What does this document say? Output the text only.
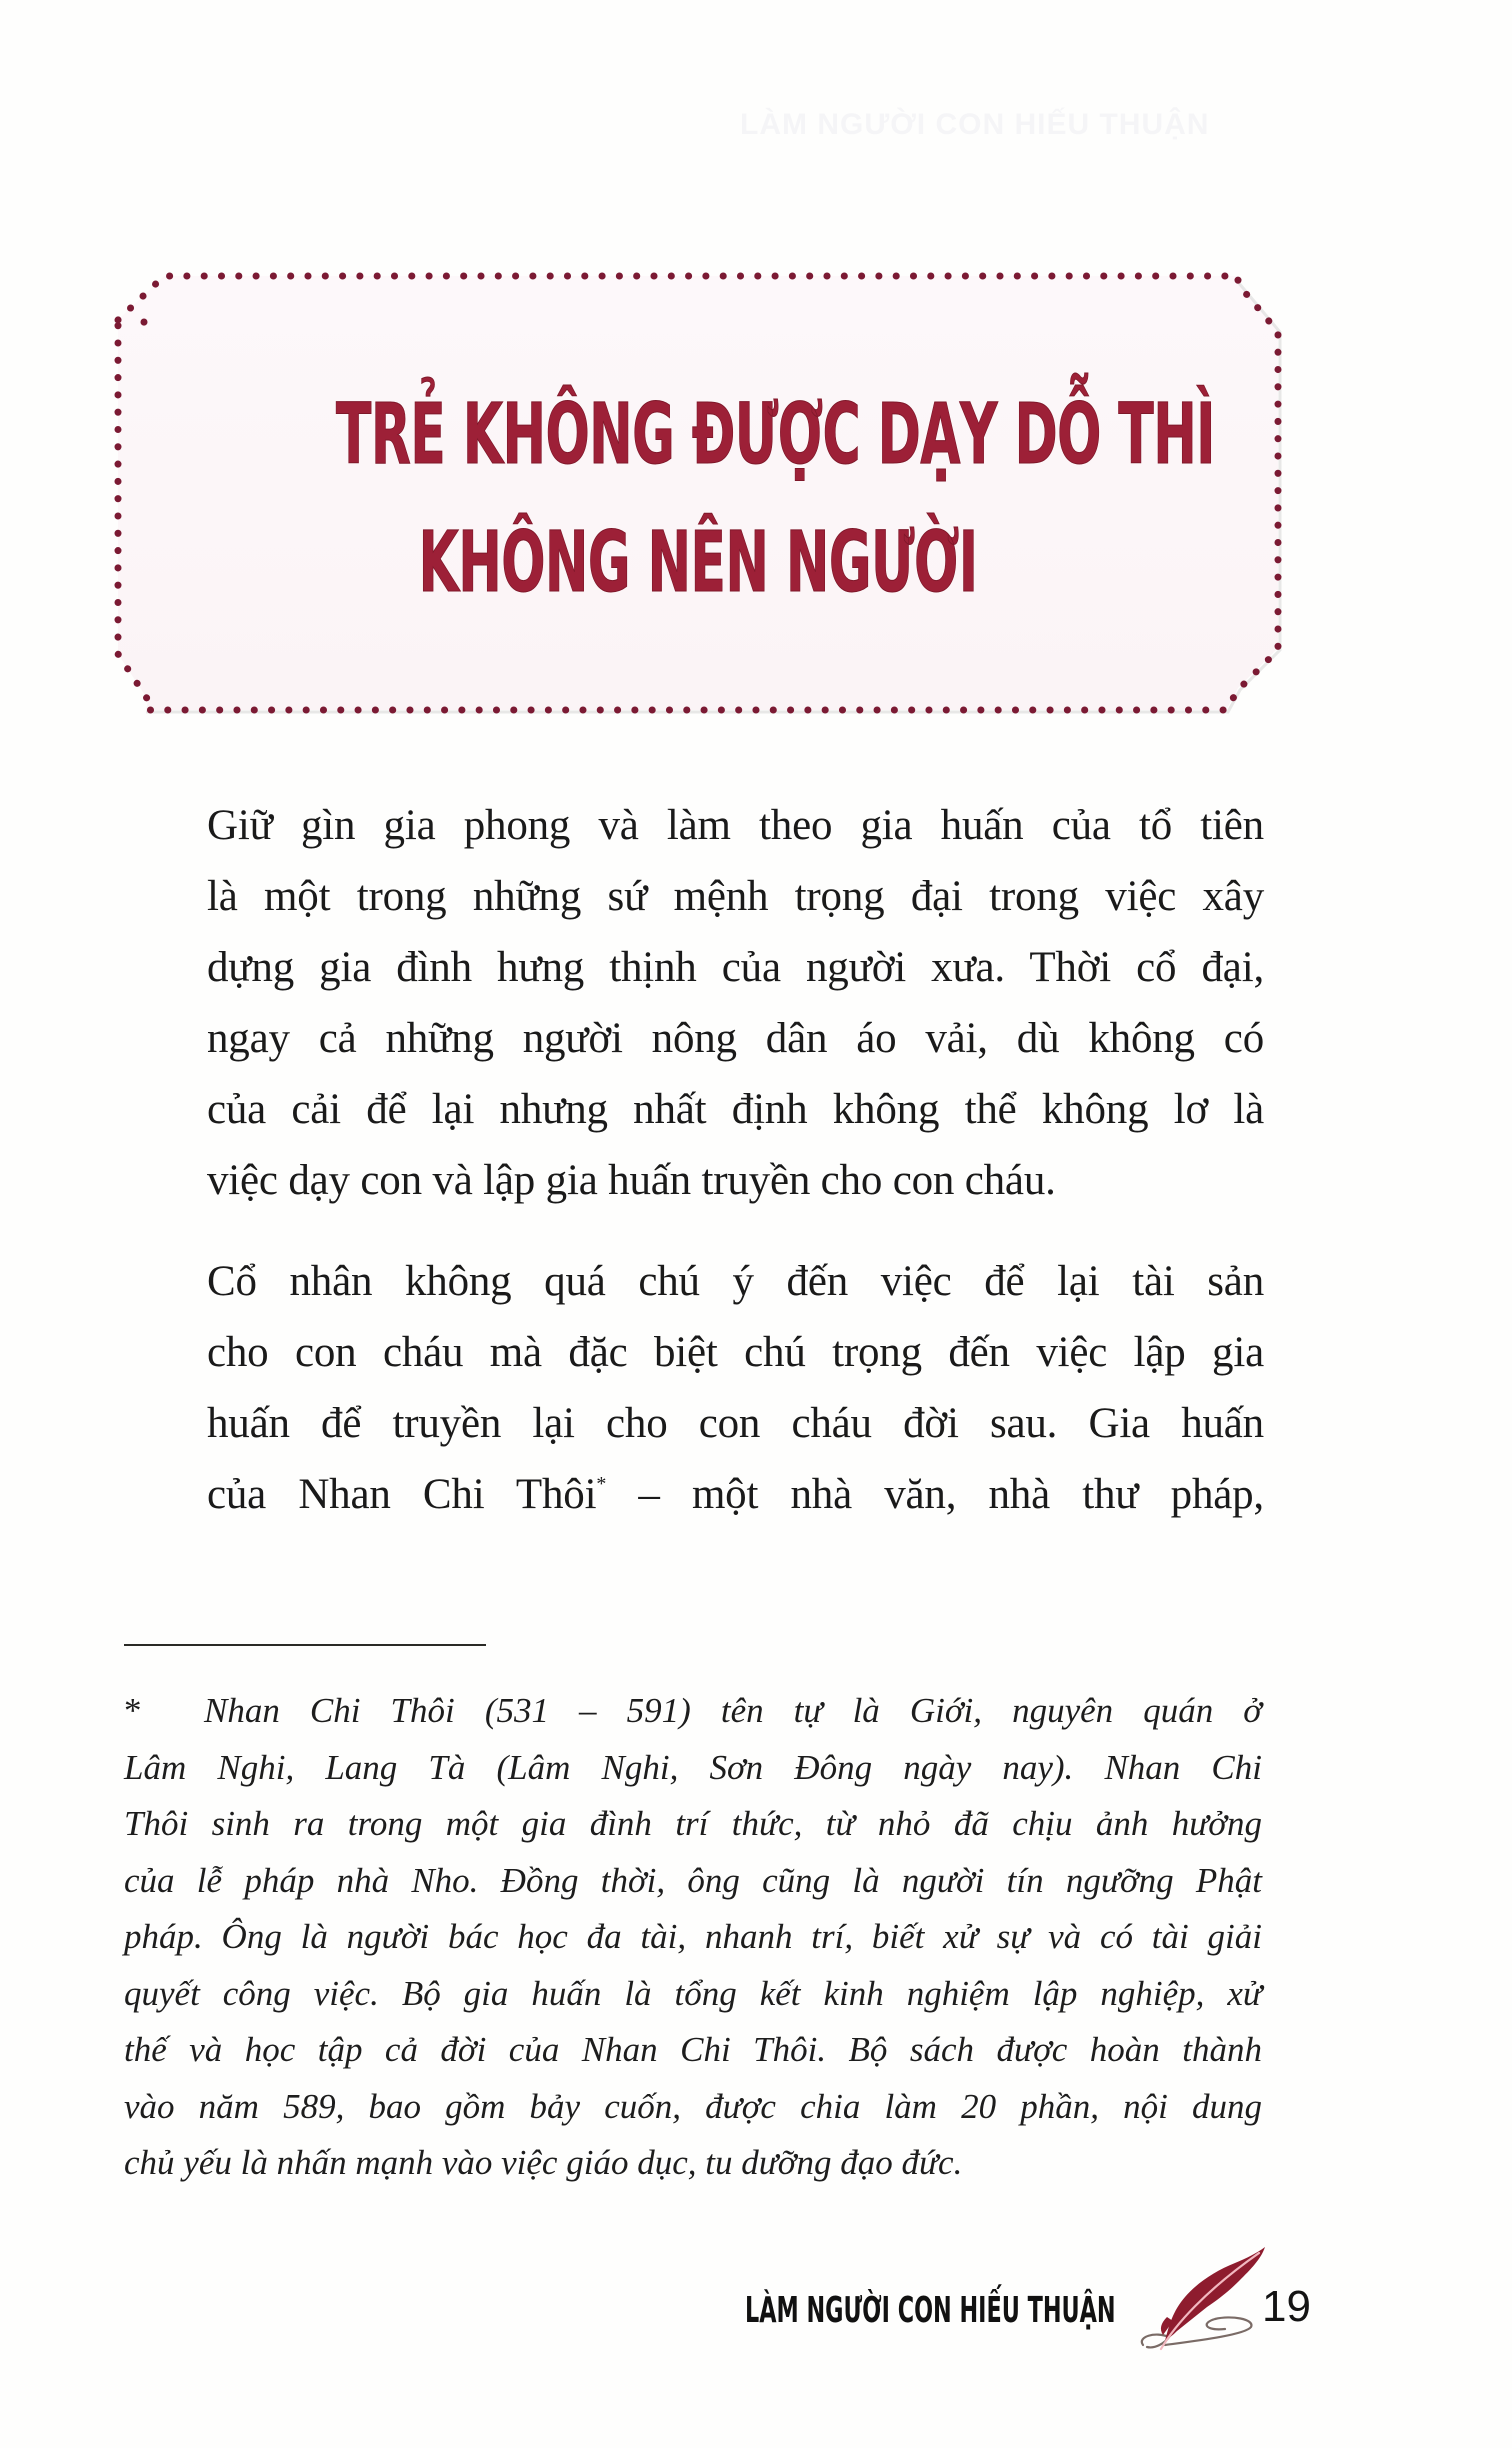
LÀM NGƯỜI CON HIẾU THUẬN
TRẺ KHÔNG ĐƯỢC DẠY DỖ THÌ
KHÔNG NÊN NGƯỜI
Giữ gìn gia phong và làm theo gia huấn của tổ tiên
là một trong những sứ mệnh trọng đại trong việc xây
dựng gia đình hưng thịnh của người xưa. Thời cổ đại,
ngay cả những người nông dân áo vải, dù không có
của cải để lại nhưng nhất định không thể không lơ là
việc dạy con và lập gia huấn truyền cho con cháu.
Cổ nhân không quá chú ý đến việc để lại tài sản
cho con cháu mà đặc biệt chú trọng đến việc lập gia
huấn để truyền lại cho con cháu đời sau. Gia huấn
của Nhan Chi Thôi* – một nhà văn, nhà thư pháp,
*	Nhan Chi Thôi (531 – 591) tên tự là Giới, nguyên quán ở
Lâm Nghi, Lang Tà (Lâm Nghi, Sơn Đông ngày nay). Nhan Chi
Thôi sinh ra trong một gia đình trí thức, từ nhỏ đã chịu ảnh hưởng
của lễ pháp nhà Nho. Đồng thời, ông cũng là người tín ngưỡng Phật
pháp. Ông là người bác học đa tài, nhanh trí, biết xử sự và có tài giải
quyết công việc. Bộ gia huấn là tổng kết kinh nghiệm lập nghiệp, xử
thế và học tập cả đời của Nhan Chi Thôi. Bộ sách được hoàn thành
vào năm 589, bao gồm bảy cuốn, được chia làm 20 phần, nội dung
chủ yếu là nhấn mạnh vào việc giáo dục, tu dưỡng đạo đức.
LÀM NGƯỜI CON HIẾU THUẬN	19
